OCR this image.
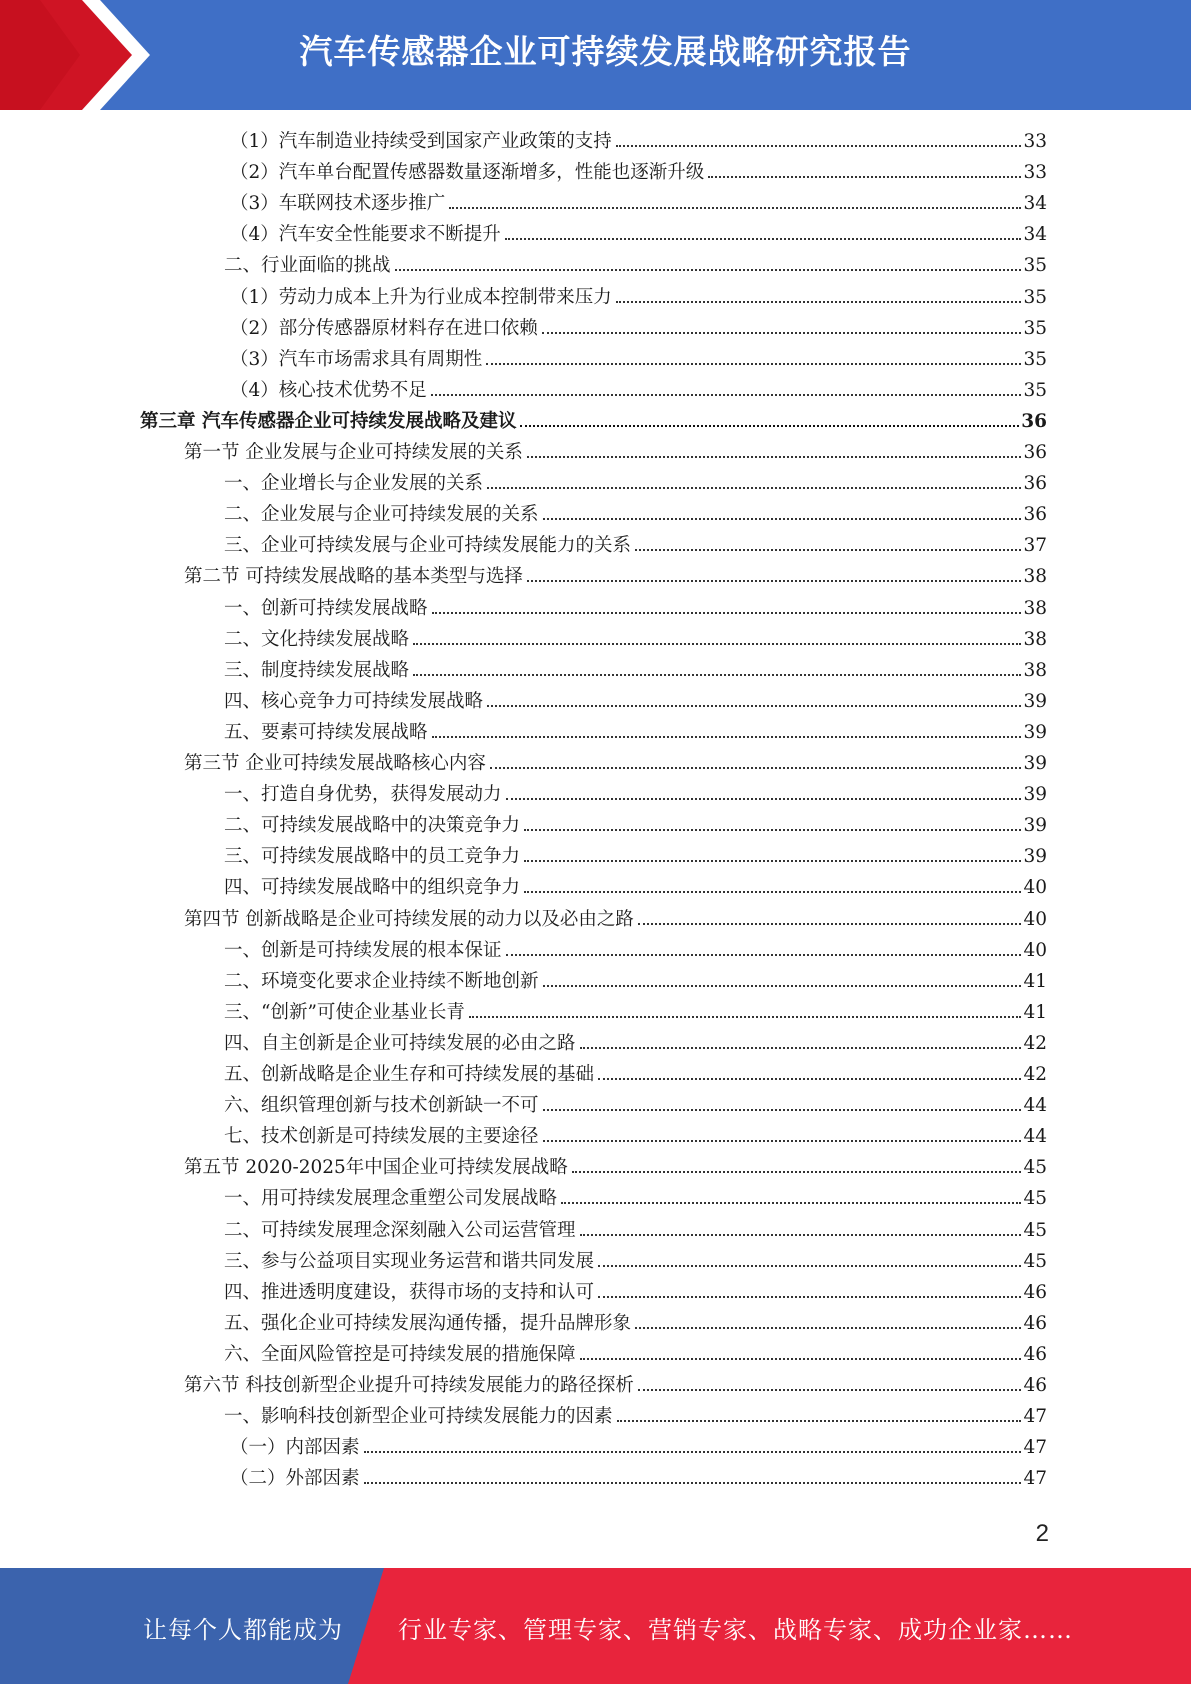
汽车传感器企业可持续发展战略研究报告
（1）汽车制造业持续受到国家产业政策的支持	33
（2）汽车单台配置传感器数量逐渐增多，性能也逐渐升级	33
（3）车联网技术逐步推广	34
（4）汽车安全性能要求不断提升	34
二、行业面临的挑战	35
（1）劳动力成本上升为行业成本控制带来压力	35
（2）部分传感器原材料存在进口依赖	35
（3）汽车市场需求具有周期性	35
（4）核心技术优势不足	35
第三章 汽车传感器企业可持续发展战略及建议	36
第一节 企业发展与企业可持续发展的关系	36
一、企业增长与企业发展的关系	36
二、企业发展与企业可持续发展的关系	36
三、企业可持续发展与企业可持续发展能力的关系	37
第二节 可持续发展战略的基本类型与选择	38
一、创新可持续发展战略	38
二、文化持续发展战略	38
三、制度持续发展战略	38
四、核心竞争力可持续发展战略	39
五、要素可持续发展战略	39
第三节 企业可持续发展战略核心内容	39
一、打造自身优势，获得发展动力	39
二、可持续发展战略中的决策竞争力	39
三、可持续发展战略中的员工竞争力	39
四、可持续发展战略中的组织竞争力	40
第四节 创新战略是企业可持续发展的动力以及必由之路	40
一、创新是可持续发展的根本保证	40
二、环境变化要求企业持续不断地创新	41
三、“创新”可使企业基业长青	41
四、自主创新是企业可持续发展的必由之路	42
五、创新战略是企业生存和可持续发展的基础	42
六、组织管理创新与技术创新缺一不可	44
七、技术创新是可持续发展的主要途径	44
第五节 2020-2025年中国企业可持续发展战略	45
一、用可持续发展理念重塑公司发展战略	45
二、可持续发展理念深刻融入公司运营管理	45
三、参与公益项目实现业务运营和谐共同发展	45
四、推进透明度建设，获得市场的支持和认可	46
五、强化企业可持续发展沟通传播，提升品牌形象	46
六、全面风险管控是可持续发展的措施保障	46
第六节 科技创新型企业提升可持续发展能力的路径探析	46
一、影响科技创新型企业可持续发展能力的因素	47
（一）内部因素	47
（二）外部因素	47
2
让每个人都能成为 行业专家、管理专家、营销专家、战略专家、成功企业家……
